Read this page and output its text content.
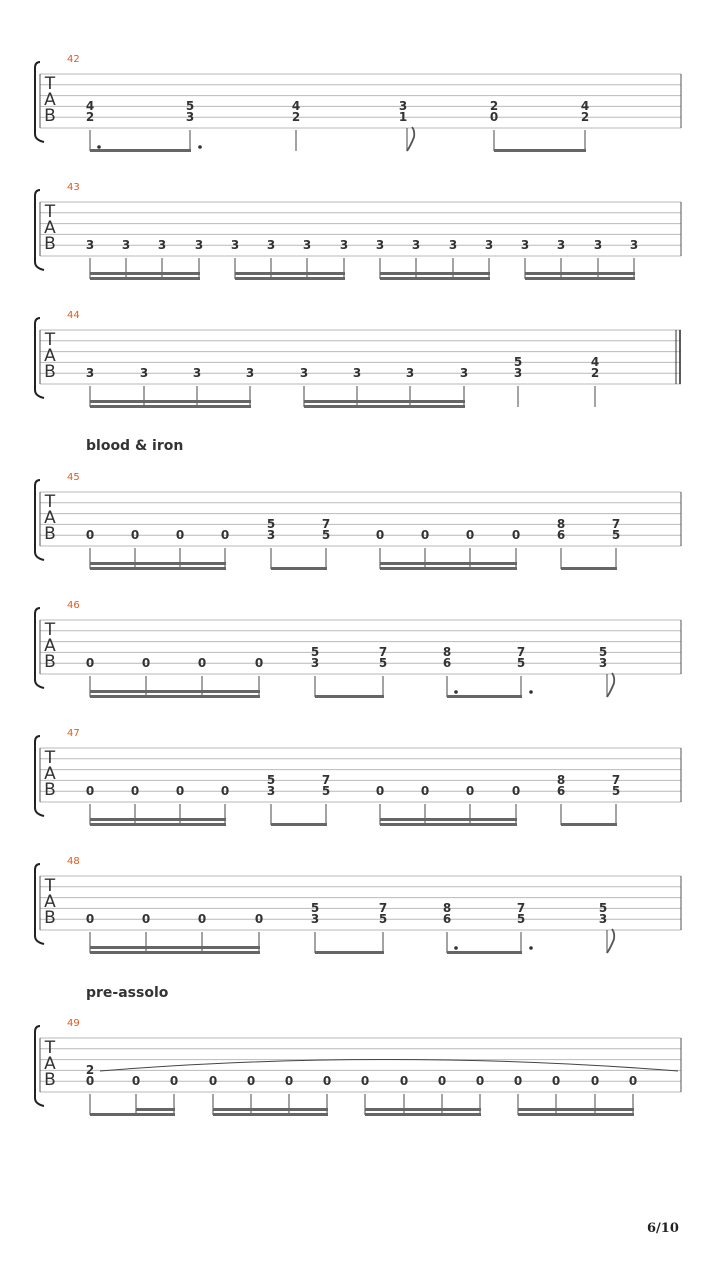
blood & iron
pre-assolo
6/10
42
T
A
B 4
2
5
3
4
2
3
1
2
0
4
2
43
T
A
B 3 3 3 3 3 3 3 3 3 3 3 3 3 3 3 3
44
T
A
B 3	3	3	3	3	3	3	3
5
3
4
2
45
T
A
B 0	0	0	0
5
3
7
5	0	0	0	0
8
6
7
5
46
T
A
B 0	0	0	0
5
3
7
5
8
6
7
5
5
3
47
T
A
B 0	0	0	0
5
3
7
5	0	0	0	0
8
6
7
5
48
T
A
B 0	0	0	0
5
3
7
5
8
6
7
5
5
3
49
T
A
B 2
0	0 0	0 0 0 0 0	0 0 0 0 0	0 0
